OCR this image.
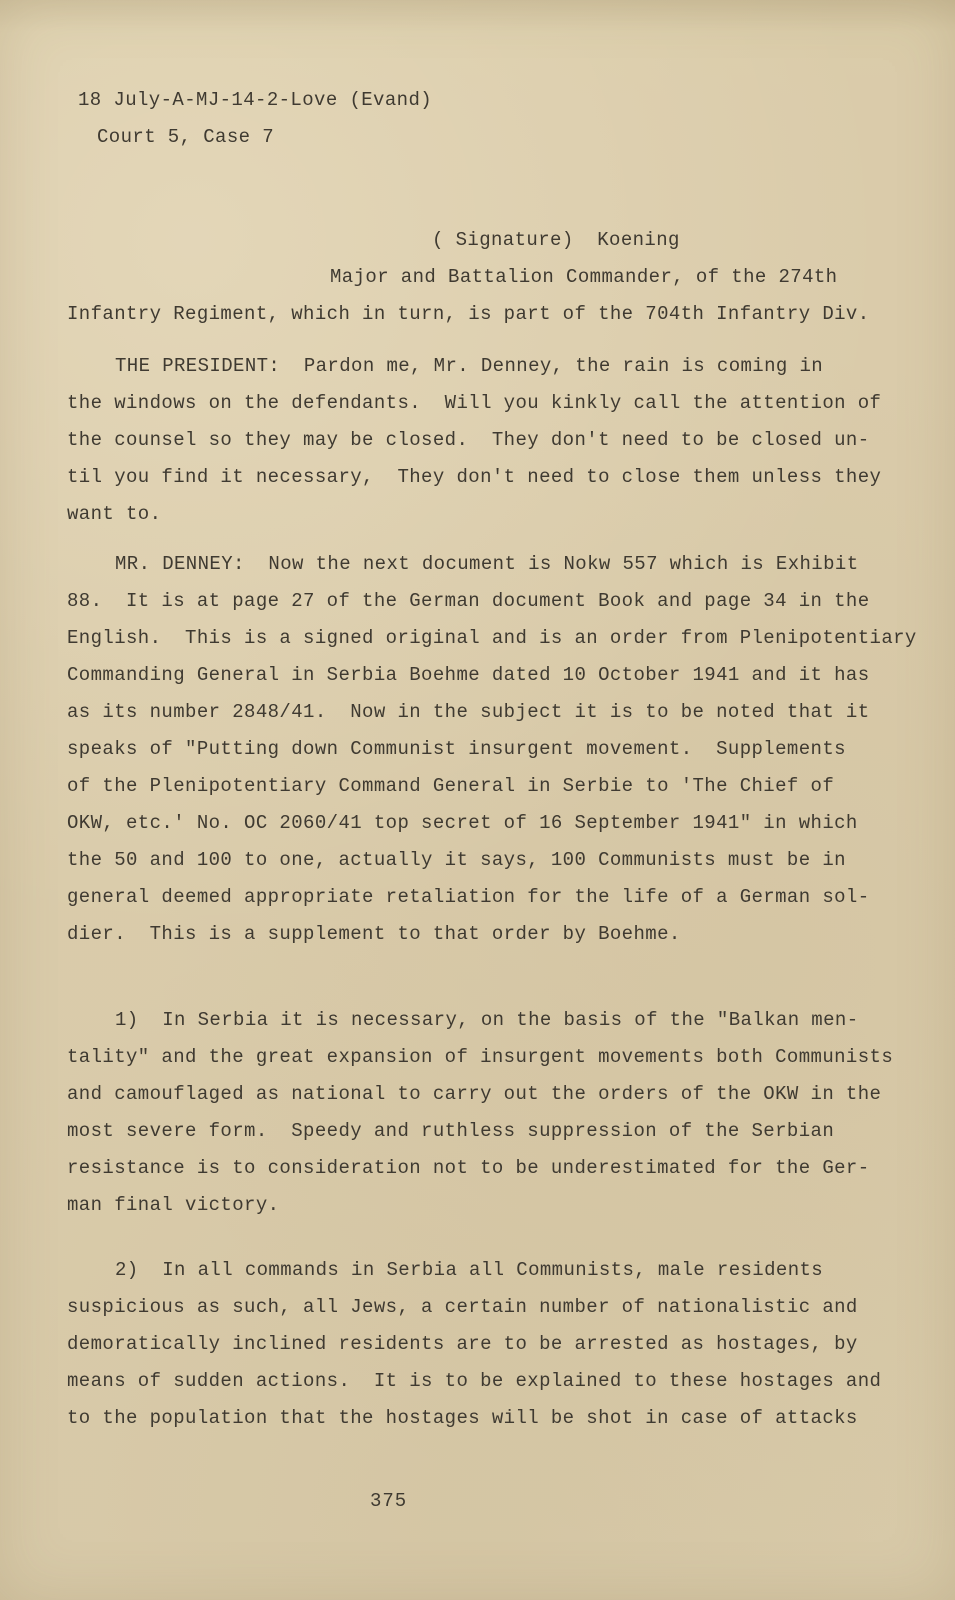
18 July-A-MJ-14-2-Love (Evand)
Court 5, Case 7
( Signature)  Koening
Major and Battalion Commander, of the 274th
Infantry Regiment, which in turn, is part of the 704th Infantry Div.
THE PRESIDENT:  Pardon me, Mr. Denney, the rain is coming in
the windows on the defendants.  Will you kinkly call the attention of
the counsel so they may be closed.  They don't need to be closed un-
til you find it necessary,  They don't need to close them unless they
want to.
MR. DENNEY:  Now the next document is Nokw 557 which is Exhibit
88.  It is at page 27 of the German document Book and page 34 in the
English.  This is a signed original and is an order from Plenipotentiary
Commanding General in Serbia Boehme dated 10 October 1941 and it has
as its number 2848/41.  Now in the subject it is to be noted that it
speaks of "Putting down Communist insurgent movement.  Supplements
of the Plenipotentiary Command General in Serbie to 'The Chief of
OKW, etc.' No. OC 2060/41 top secret of 16 September 1941" in which
the 50 and 100 to one, actually it says, 100 Communists must be in
general deemed appropriate retaliation for the life of a German sol-
dier.  This is a supplement to that order by Boehme.
1)  In Serbia it is necessary, on the basis of the "Balkan men-
tality" and the great expansion of insurgent movements both Communists
and camouflaged as national to carry out the orders of the OKW in the
most severe form.  Speedy and ruthless suppression of the Serbian
resistance is to consideration not to be underestimated for the Ger-
man final victory.
2)  In all commands in Serbia all Communists, male residents
suspicious as such, all Jews, a certain number of nationalistic and
demoratically inclined residents are to be arrested as hostages, by
means of sudden actions.  It is to be explained to these hostages and
to the population that the hostages will be shot in case of attacks
375
